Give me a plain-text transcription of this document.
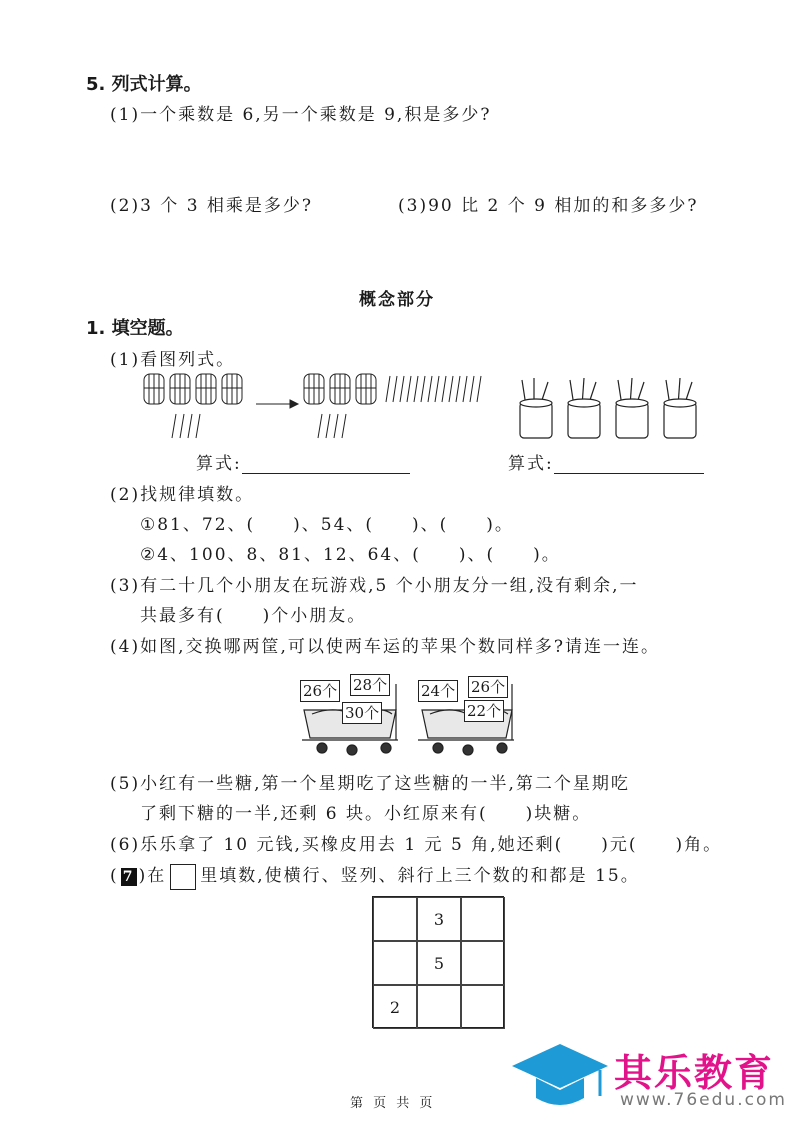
5. 列式计算。
(1)一个乘数是 6,另一个乘数是 9,积是多少?
(2)3 个 3 相乘是多少?	(3)90 比 2 个 9 相加的和多多少?
概念部分
1. 填空题。
(1)看图列式。
算式:	算式:
(2)找规律填数。
①81、72、(　　)、54、(　　)、(　　)。
②4、100、8、81、12、64、(　　)、(　　)。
(3)有二十几个小朋友在玩游戏,5 个小朋友分一组,没有剩余,一
共最多有(　　)个小朋友。
(4)如图,交换哪两筐,可以使两车运的苹果个数同样多?请连一连。
26个 28个
30个
24个 26个
22个
(5)小红有一些糖,第一个星期吃了这些糖的一半,第二个星期吃
了剩下糖的一半,还剩 6 块。小红原来有(　　)块糖。
(6)乐乐拿了 10 元钱,买橡皮用去 1 元 5 角,她还剩(　　)元(　　)角。
( 7 )在 里填数,使横行、竖列、斜行上三个数的和都是 15。
3
5
2
第 页 共 页
其乐教育
www.76edu.com
